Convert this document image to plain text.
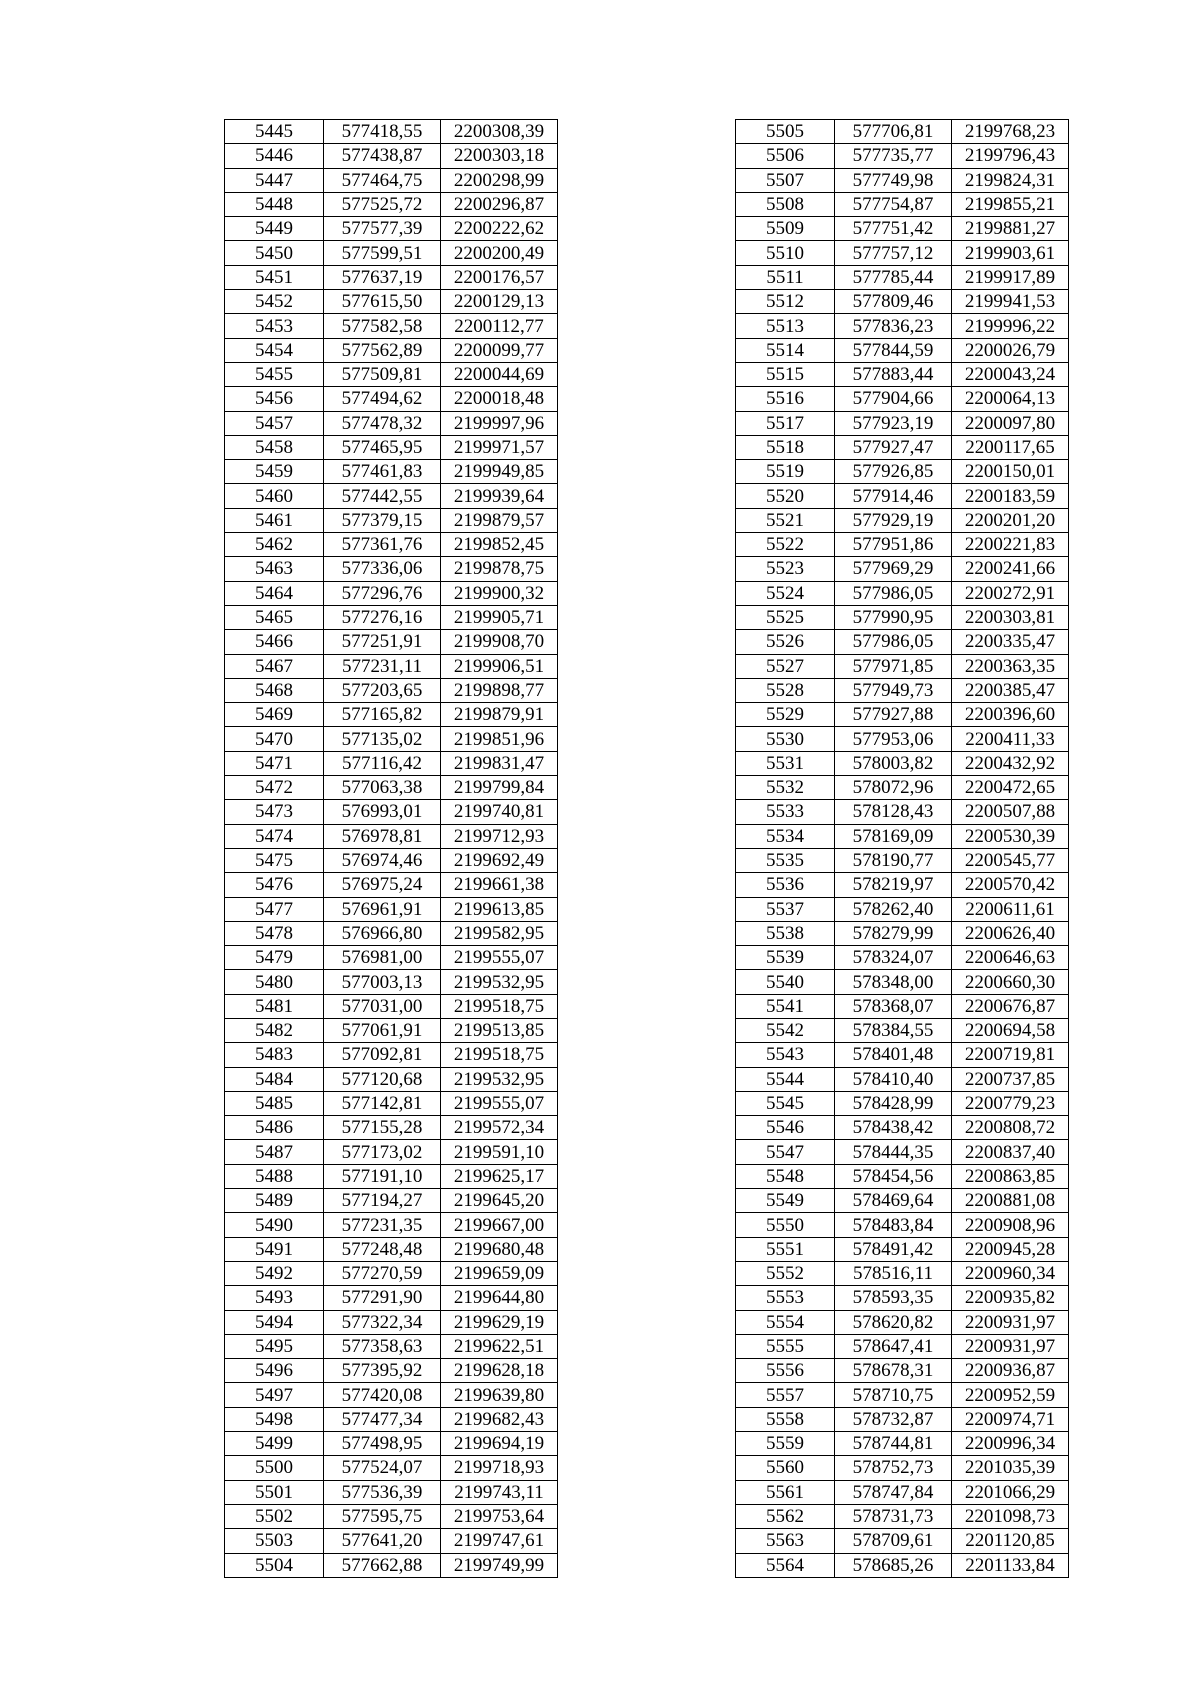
5445	577418,55	2200308,39
5446	577438,87	2200303,18
5447	577464,75	2200298,99
5448	577525,72	2200296,87
5449	577577,39	2200222,62
5450	577599,51	2200200,49
5451	577637,19	2200176,57
5452	577615,50	2200129,13
5453	577582,58	2200112,77
5454	577562,89	2200099,77
5455	577509,81	2200044,69
5456	577494,62	2200018,48
5457	577478,32	2199997,96
5458	577465,95	2199971,57
5459	577461,83	2199949,85
5460	577442,55	2199939,64
5461	577379,15	2199879,57
5462	577361,76	2199852,45
5463	577336,06	2199878,75
5464	577296,76	2199900,32
5465	577276,16	2199905,71
5466	577251,91	2199908,70
5467	577231,11	2199906,51
5468	577203,65	2199898,77
5469	577165,82	2199879,91
5470	577135,02	2199851,96
5471	577116,42	2199831,47
5472	577063,38	2199799,84
5473	576993,01	2199740,81
5474	576978,81	2199712,93
5475	576974,46	2199692,49
5476	576975,24	2199661,38
5477	576961,91	2199613,85
5478	576966,80	2199582,95
5479	576981,00	2199555,07
5480	577003,13	2199532,95
5481	577031,00	2199518,75
5482	577061,91	2199513,85
5483	577092,81	2199518,75
5484	577120,68	2199532,95
5485	577142,81	2199555,07
5486	577155,28	2199572,34
5487	577173,02	2199591,10
5488	577191,10	2199625,17
5489	577194,27	2199645,20
5490	577231,35	2199667,00
5491	577248,48	2199680,48
5492	577270,59	2199659,09
5493	577291,90	2199644,80
5494	577322,34	2199629,19
5495	577358,63	2199622,51
5496	577395,92	2199628,18
5497	577420,08	2199639,80
5498	577477,34	2199682,43
5499	577498,95	2199694,19
5500	577524,07	2199718,93
5501	577536,39	2199743,11
5502	577595,75	2199753,64
5503	577641,20	2199747,61
5504	577662,88	2199749,99
5505	577706,81	2199768,23
5506	577735,77	2199796,43
5507	577749,98	2199824,31
5508	577754,87	2199855,21
5509	577751,42	2199881,27
5510	577757,12	2199903,61
5511	577785,44	2199917,89
5512	577809,46	2199941,53
5513	577836,23	2199996,22
5514	577844,59	2200026,79
5515	577883,44	2200043,24
5516	577904,66	2200064,13
5517	577923,19	2200097,80
5518	577927,47	2200117,65
5519	577926,85	2200150,01
5520	577914,46	2200183,59
5521	577929,19	2200201,20
5522	577951,86	2200221,83
5523	577969,29	2200241,66
5524	577986,05	2200272,91
5525	577990,95	2200303,81
5526	577986,05	2200335,47
5527	577971,85	2200363,35
5528	577949,73	2200385,47
5529	577927,88	2200396,60
5530	577953,06	2200411,33
5531	578003,82	2200432,92
5532	578072,96	2200472,65
5533	578128,43	2200507,88
5534	578169,09	2200530,39
5535	578190,77	2200545,77
5536	578219,97	2200570,42
5537	578262,40	2200611,61
5538	578279,99	2200626,40
5539	578324,07	2200646,63
5540	578348,00	2200660,30
5541	578368,07	2200676,87
5542	578384,55	2200694,58
5543	578401,48	2200719,81
5544	578410,40	2200737,85
5545	578428,99	2200779,23
5546	578438,42	2200808,72
5547	578444,35	2200837,40
5548	578454,56	2200863,85
5549	578469,64	2200881,08
5550	578483,84	2200908,96
5551	578491,42	2200945,28
5552	578516,11	2200960,34
5553	578593,35	2200935,82
5554	578620,82	2200931,97
5555	578647,41	2200931,97
5556	578678,31	2200936,87
5557	578710,75	2200952,59
5558	578732,87	2200974,71
5559	578744,81	2200996,34
5560	578752,73	2201035,39
5561	578747,84	2201066,29
5562	578731,73	2201098,73
5563	578709,61	2201120,85
5564	578685,26	2201133,84
